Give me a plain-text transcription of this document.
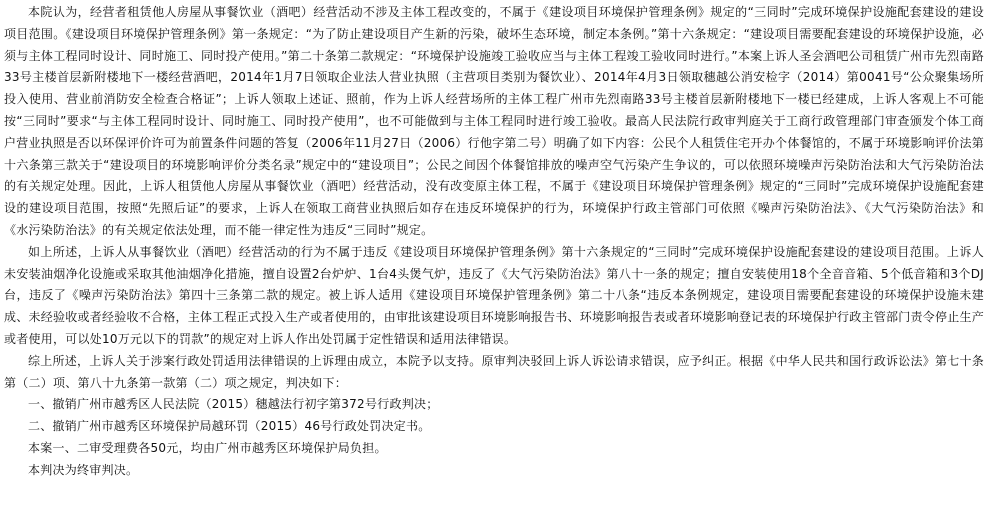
本院认为，经营者租赁他人房屋从事餐饮业（酒吧）经营活动不涉及主体工程改变的，不属于《建设项目环境保护管理条例》规定的“三同时”完成环境保护设施配套建设的建设项目范围。《建设项目环境保护管理条例》第一条规定：“为了防止建设项目产生新的污染，破坏生态环境，制定本条例。”第十六条规定：“建设项目需要配套建设的环境保护设施，必须与主体工程同时设计、同时施工、同时投产使用。”第二十条第二款规定：“环境保护设施竣工验收应当与主体工程竣工验收同时进行。”本案上诉人圣会酒吧公司租赁广州市先烈南路33号主楼首层新附楼地下一楼经营酒吧，2014年1月7日领取企业法人营业执照（主营项目类别为餐饮业）、2014年4月3日领取穗越公消安检字（2014）第0041号“公众聚集场所投入使用、营业前消防安全检查合格证”；上诉人领取上述证、照前，作为上诉人经营场所的主体工程广州市先烈南路33号主楼首层新附楼地下一楼已经建成，上诉人客观上不可能按“三同时”要求“与主体工程同时设计、同时施工、同时投产使用”，也不可能做到与主体工程同时进行竣工验收。最高人民法院行政审判庭关于工商行政管理部门审查颁发个体工商户营业执照是否以环保评价许可为前置条件问题的答复（2006年11月27日（2006）行他字第二号）明确了如下内容：公民个人租赁住宅开办个体餐馆的，不属于环境影响评价法第十六条第三款关于“建设项目的环境影响评价分类名录”规定中的“建设项目”；公民之间因个体餐馆排放的噪声空气污染产生争议的，可以依照环境噪声污染防治法和大气污染防治法的有关规定处理。因此，上诉人租赁他人房屋从事餐饮业（酒吧）经营活动，没有改变原主体工程，不属于《建设项目环境保护管理条例》规定的“三同时”完成环境保护设施配套建设的建设项目范围，按照“先照后证”的要求，上诉人在领取工商营业执照后如存在违反环境保护的行为，环境保护行政主管部门可依照《噪声污染防治法》、《大气污染防治法》和《水污染防治法》的有关规定依法处理，而不能一律定性为违反“三同时”规定。

如上所述，上诉人从事餐饮业（酒吧）经营活动的行为不属于违反《建设项目环境保护管理条例》第十六条规定的“三同时”完成环境保护设施配套建设的建设项目范围。上诉人未安装油烟净化设施或采取其他油烟净化措施，擅自设置2台炉炉、1台4头煲气炉，违反了《大气污染防治法》第八十一条的规定；擅自安装使用18个全音音箱、5个低音箱和3个DJ台，违反了《噪声污染防治法》第四十三条第二款的规定。被上诉人适用《建设项目环境保护管理条例》第二十八条“违反本条例规定，建设项目需要配套建设的环境保护设施未建成、未经验收或者经验收不合格，主体工程正式投入生产或者使用的，由审批该建设项目环境影响报告书、环境影响报告表或者环境影响登记表的环境保护行政主管部门责令停止生产或者使用，可以处10万元以下的罚款”的规定对上诉人作出处罚属于定性错误和适用法律错误。

综上所述，上诉人关于涉案行政处罚适用法律错误的上诉理由成立，本院予以支持。原审判决驳回上诉人诉讼请求错误，应予纠正。根据《中华人民共和国行政诉讼法》第七十条第（二）项、第八十九条第一款第（二）项之规定，判决如下：

一、撤销广州市越秀区人民法院（2015）穗越法行初字第372号行政判决；

二、撤销广州市越秀区环境保护局越环罚（2015）46号行政处罚决定书。

本案一、二审受理费各50元，均由广州市越秀区环境保护局负担。

本判决为终审判决。
